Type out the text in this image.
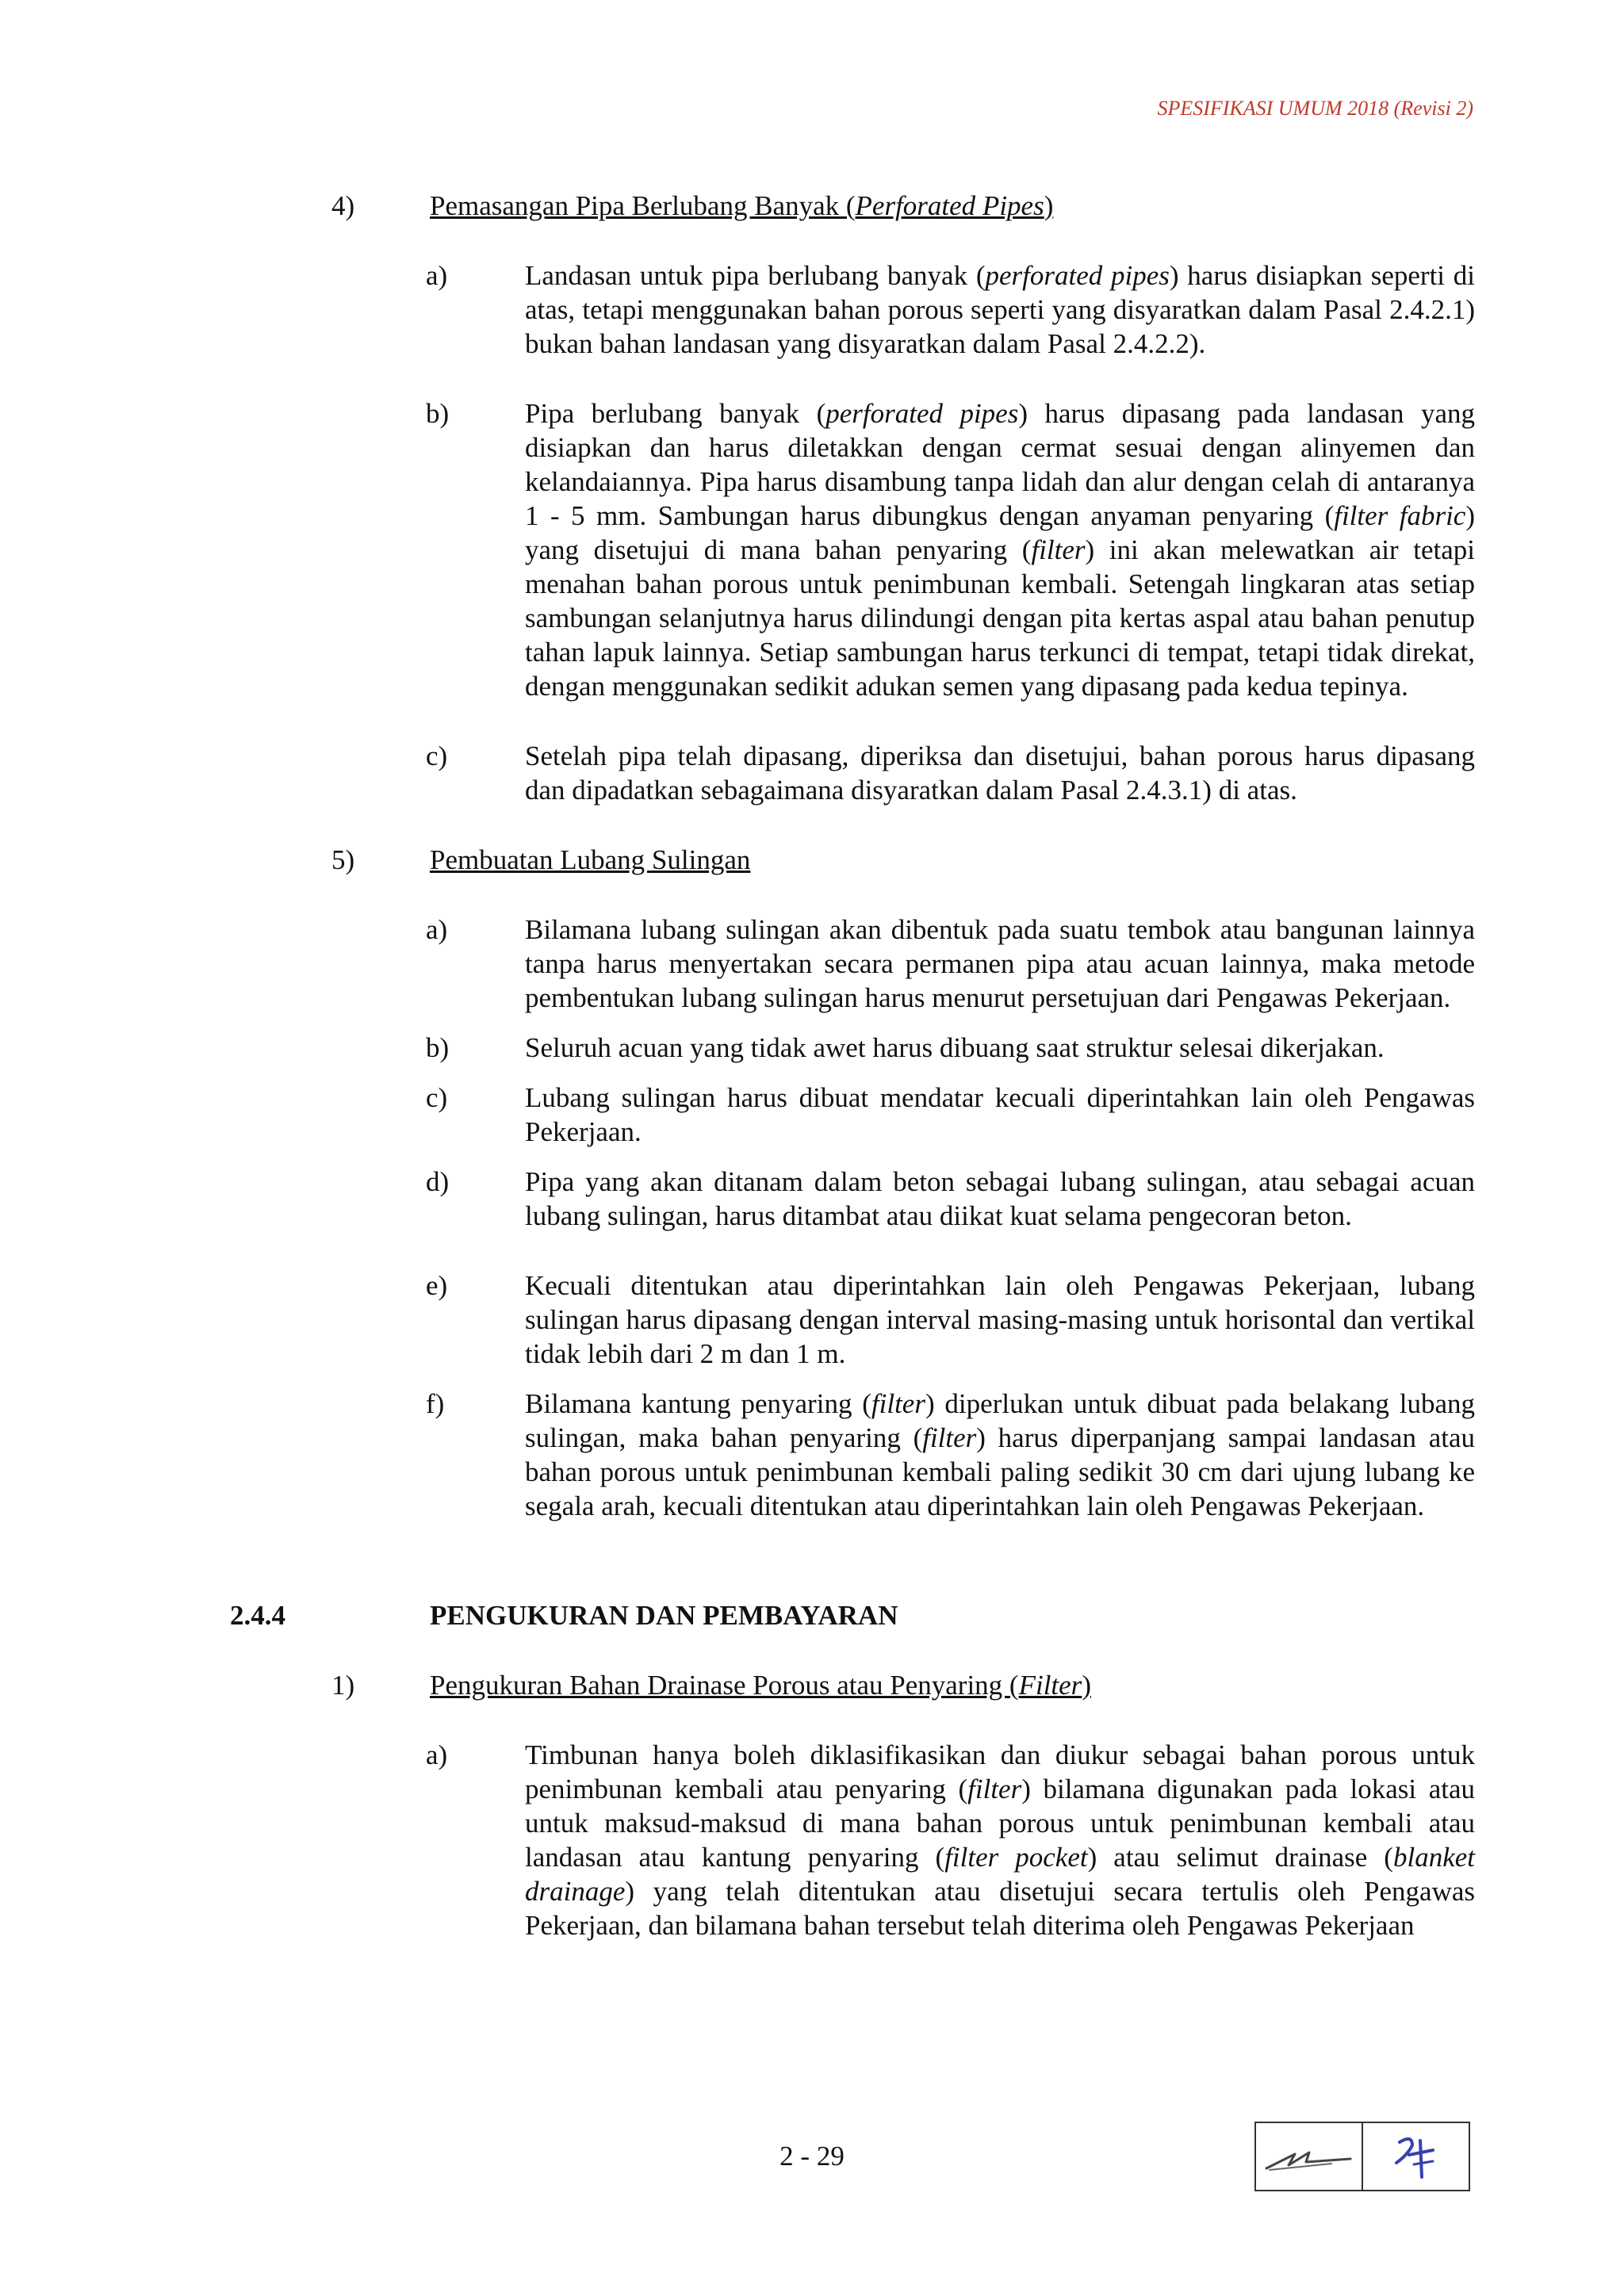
SPESIFIKASI UMUM 2018 (Revisi 2)
4)	Pemasangan Pipa Berlubang Banyak (Perforated Pipes)
a)	Landasan untuk pipa berlubang banyak (perforated pipes) harus disiapkan seperti di atas, tetapi menggunakan bahan porous seperti yang disyaratkan dalam Pasal 2.4.2.1) bukan bahan landasan yang disyaratkan dalam Pasal 2.4.2.2).
b)	Pipa berlubang banyak (perforated pipes) harus dipasang pada landasan yang disiapkan dan harus diletakkan dengan cermat sesuai dengan alinyemen dan kelandaiannya. Pipa harus disambung tanpa lidah dan alur dengan celah di antaranya 1 - 5 mm. Sambungan harus dibungkus dengan anyaman penyaring (filter fabric) yang disetujui di mana bahan penyaring (filter) ini akan melewatkan air tetapi menahan bahan porous untuk penimbunan kembali. Setengah lingkaran atas setiap sambungan selanjutnya harus dilindungi dengan pita kertas aspal atau bahan penutup tahan lapuk lainnya. Setiap sambungan harus terkunci di tempat, tetapi tidak direkat, dengan menggunakan sedikit adukan semen yang dipasang pada kedua tepinya.
c)	Setelah pipa telah dipasang, diperiksa dan disetujui, bahan porous harus dipasang dan dipadatkan sebagaimana disyaratkan dalam Pasal 2.4.3.1) di atas.
5)	Pembuatan Lubang Sulingan
a)	Bilamana lubang sulingan akan dibentuk pada suatu tembok atau bangunan lainnya tanpa harus menyertakan secara permanen pipa atau acuan lainnya, maka metode pembentukan lubang sulingan harus menurut persetujuan dari Pengawas Pekerjaan.
b)	Seluruh acuan yang tidak awet harus dibuang saat struktur selesai dikerjakan.
c)	Lubang sulingan harus dibuat mendatar kecuali diperintahkan lain oleh Pengawas Pekerjaan.
d)	Pipa yang akan ditanam dalam beton sebagai lubang sulingan, atau sebagai acuan lubang sulingan, harus ditambat atau diikat kuat selama pengecoran beton.
e)	Kecuali ditentukan atau diperintahkan lain oleh Pengawas Pekerjaan, lubang sulingan harus dipasang dengan interval masing-masing untuk horisontal dan vertikal tidak lebih dari 2 m dan 1 m.
f)	Bilamana kantung penyaring (filter) diperlukan untuk dibuat pada belakang lubang sulingan, maka bahan penyaring (filter) harus diperpanjang sampai landasan atau bahan porous untuk penimbunan kembali paling sedikit 30 cm dari ujung lubang ke segala arah, kecuali ditentukan atau diperintahkan lain oleh Pengawas Pekerjaan.
2.4.4	PENGUKURAN DAN PEMBAYARAN
1)	Pengukuran Bahan Drainase Porous atau Penyaring (Filter)
a)	Timbunan hanya boleh diklasifikasikan dan diukur sebagai bahan porous untuk penimbunan kembali atau penyaring (filter) bilamana digunakan pada lokasi atau untuk maksud-maksud di mana bahan porous untuk penimbunan kembali atau landasan atau kantung penyaring (filter pocket) atau selimut drainase (blanket drainage) yang telah ditentukan atau disetujui secara tertulis oleh Pengawas Pekerjaan, dan bilamana bahan tersebut telah diterima oleh Pengawas Pekerjaan
2 - 29
